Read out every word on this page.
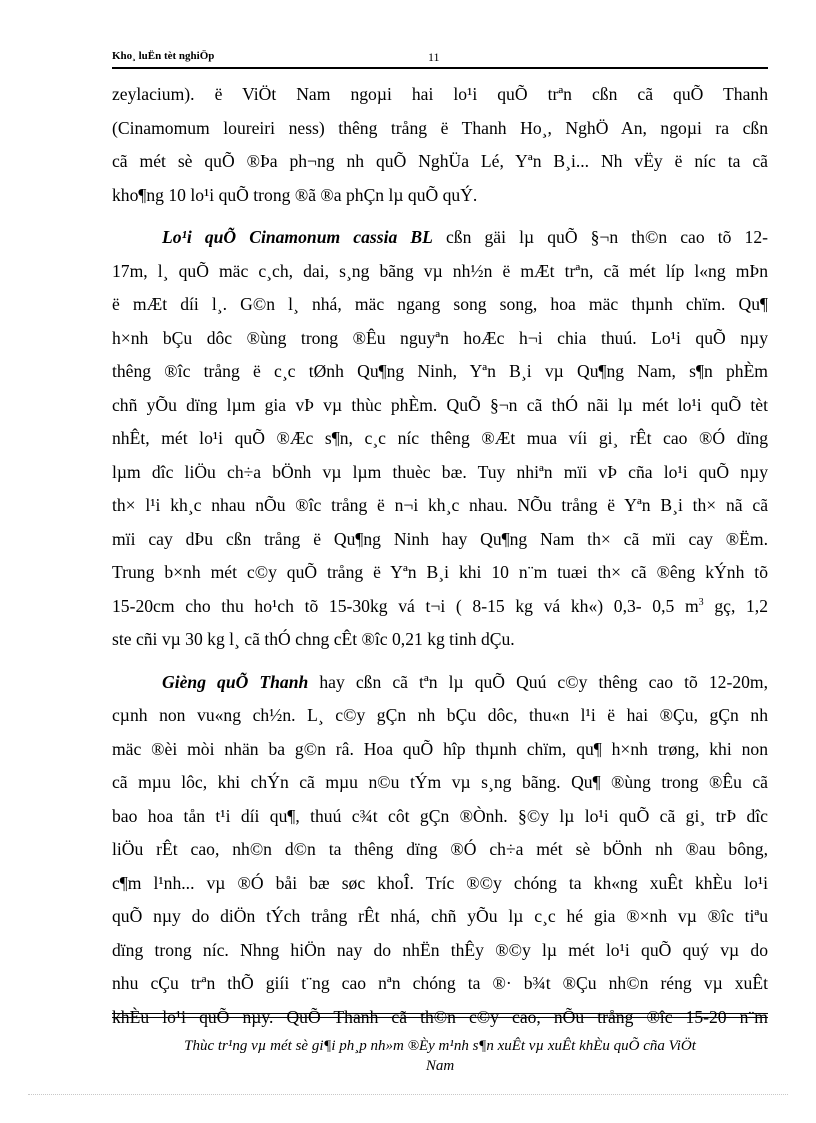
Kho¸ luËn tèt nghiÖp	11

zeylacium). ë ViÖt Nam ngoµi hai lo¹i quÕ trªn cßn cã quÕ Thanh
(Cinamomum loureiri ness) thêng trång ë Thanh Ho¸, NghÖ An, ngoµi ra cßn
cã mét sè quÕ ®Þa ph¬ng nh quÕ NghÜa Lé, Yªn B¸i... Nh vËy ë níc ta cã
kho¶ng 10 lo¹i quÕ trong ®ã ®a phÇn lµ quÕ quÝ.

Lo¹i quÕ Cinamonum cassia BL cßn gäi lµ quÕ §¬n th©n cao tõ 12-
17m, l¸ quÕ mäc c¸ch, dai, s¸ng bãng vµ nh½n ë mÆt trªn, cã mét líp l«ng mÞn
ë mÆt díi l¸. G©n l¸ nhá, mäc ngang song song, hoa mäc thµnh chïm. Qu¶
h×nh bÇu dôc ®ùng trong ®Êu nguyªn hoÆc h¬i chia thuú. Lo¹i quÕ nµy
thêng ®îc trång ë c¸c tØnh Qu¶ng Ninh, Yªn B¸i vµ Qu¶ng Nam, s¶n phÈm
chñ yÕu dïng lµm gia vÞ vµ thùc phÈm. QuÕ §¬n cã thÓ nãi lµ mét lo¹i quÕ tèt
nhÊt, mét lo¹i quÕ ®Æc s¶n, c¸c níc thêng ®Æt mua víi gi¸ rÊt cao ®Ó dïng
lµm dîc liÖu ch÷a bÖnh vµ lµm thuèc bæ. Tuy nhiªn mïi vÞ cña lo¹i quÕ nµy
th× l¹i kh¸c nhau nÕu ®îc trång ë n¬i kh¸c nhau. NÕu trång ë Yªn B¸i th× nã cã
mïi cay dÞu cßn trång ë Qu¶ng Ninh hay Qu¶ng Nam th× cã mïi cay ®Ëm.
Trung b×nh mét c©y quÕ trång ë Yªn B¸i khi 10 n¨m tuæi th× cã ®êng kÝnh tõ
15-20cm cho thu ho¹ch tõ 15-30kg vá t¬i ( 8-15 kg vá kh«) 0,3- 0,5 $m^3$ gç, 1,2
ste cñi vµ 30 kg l¸ cã thÓ chng cÊt ®îc 0,21 kg tinh dÇu.

Gièng quÕ Thanh hay cßn cã tªn lµ quÕ Quú c©y thêng cao tõ 12-20m,
cµnh non vu«ng ch½n. L¸ c©y gÇn nh bÇu dôc, thu«n l¹i ë hai ®Çu, gÇn nh
mäc ®èi mòi nhän ba g©n râ. Hoa quÕ hîp thµnh chïm, qu¶ h×nh trøng, khi non
cã mµu lôc, khi chÝn cã mµu n©u tÝm vµ s¸ng bãng. Qu¶ ®ùng trong ®Êu cã
bao hoa tån t¹i díi qu¶, thuú c¾t côt gÇn ®Ònh. §©y lµ lo¹i quÕ cã gi¸ trÞ dîc
liÖu rÊt cao, nh©n d©n ta thêng dïng ®Ó ch÷a mét sè bÖnh nh ®au bông,
c¶m l¹nh... vµ ®Ó båi bæ søc khoÎ. Tríc ®©y chóng ta kh«ng xuÊt khÈu lo¹i
quÕ nµy do diÖn tÝch trång rÊt nhá, chñ yÕu lµ c¸c hé gia ®×nh vµ ®îc tiªu
dïng trong níc. Nhng hiÖn nay do nhËn thÊy ®©y lµ mét lo¹i quÕ quý vµ do
nhu cÇu trªn thÕ giíi t¨ng cao nªn chóng ta ®· b¾t ®Çu nh©n réng vµ xuÊt
khÈu lo¹i quÕ nµy. QuÕ Thanh cã th©n c©y cao, nÕu trång ®îc 15-20 n¨m

Thùc tr¹ng vµ mét sè gi¶i ph¸p nh»m ®Èy m¹nh s¶n xuÊt vµ xuÊt khÈu quÕ cña ViÖt
Nam
